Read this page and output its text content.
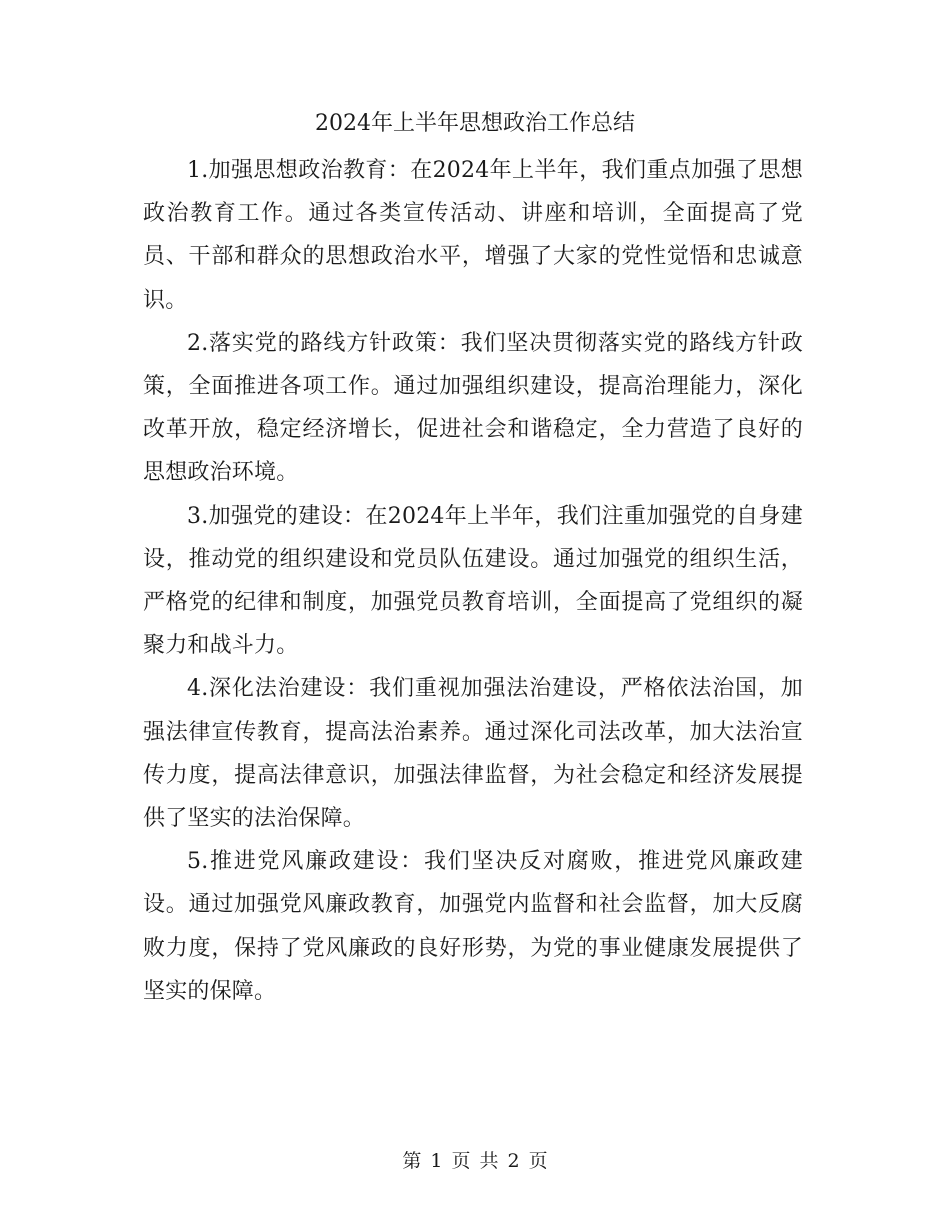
2024年上半年思想政治工作总结

1.加强思想政治教育：在2024年上半年，我们重点加强了思想政治教育工作。通过各类宣传活动、讲座和培训，全面提高了党员、干部和群众的思想政治水平，增强了大家的党性觉悟和忠诚意识。

2.落实党的路线方针政策：我们坚决贯彻落实党的路线方针政策，全面推进各项工作。通过加强组织建设，提高治理能力，深化改革开放，稳定经济增长，促进社会和谐稳定，全力营造了良好的思想政治环境。

3.加强党的建设：在2024年上半年，我们注重加强党的自身建设，推动党的组织建设和党员队伍建设。通过加强党的组织生活，严格党的纪律和制度，加强党员教育培训，全面提高了党组织的凝聚力和战斗力。

4.深化法治建设：我们重视加强法治建设，严格依法治国，加强法律宣传教育，提高法治素养。通过深化司法改革，加大法治宣传力度，提高法律意识，加强法律监督，为社会稳定和经济发展提供了坚实的法治保障。

5.推进党风廉政建设：我们坚决反对腐败，推进党风廉政建设。通过加强党风廉政教育，加强党内监督和社会监督，加大反腐败力度，保持了党风廉政的良好形势，为党的事业健康发展提供了坚实的保障。

第 1 页 共 2 页
